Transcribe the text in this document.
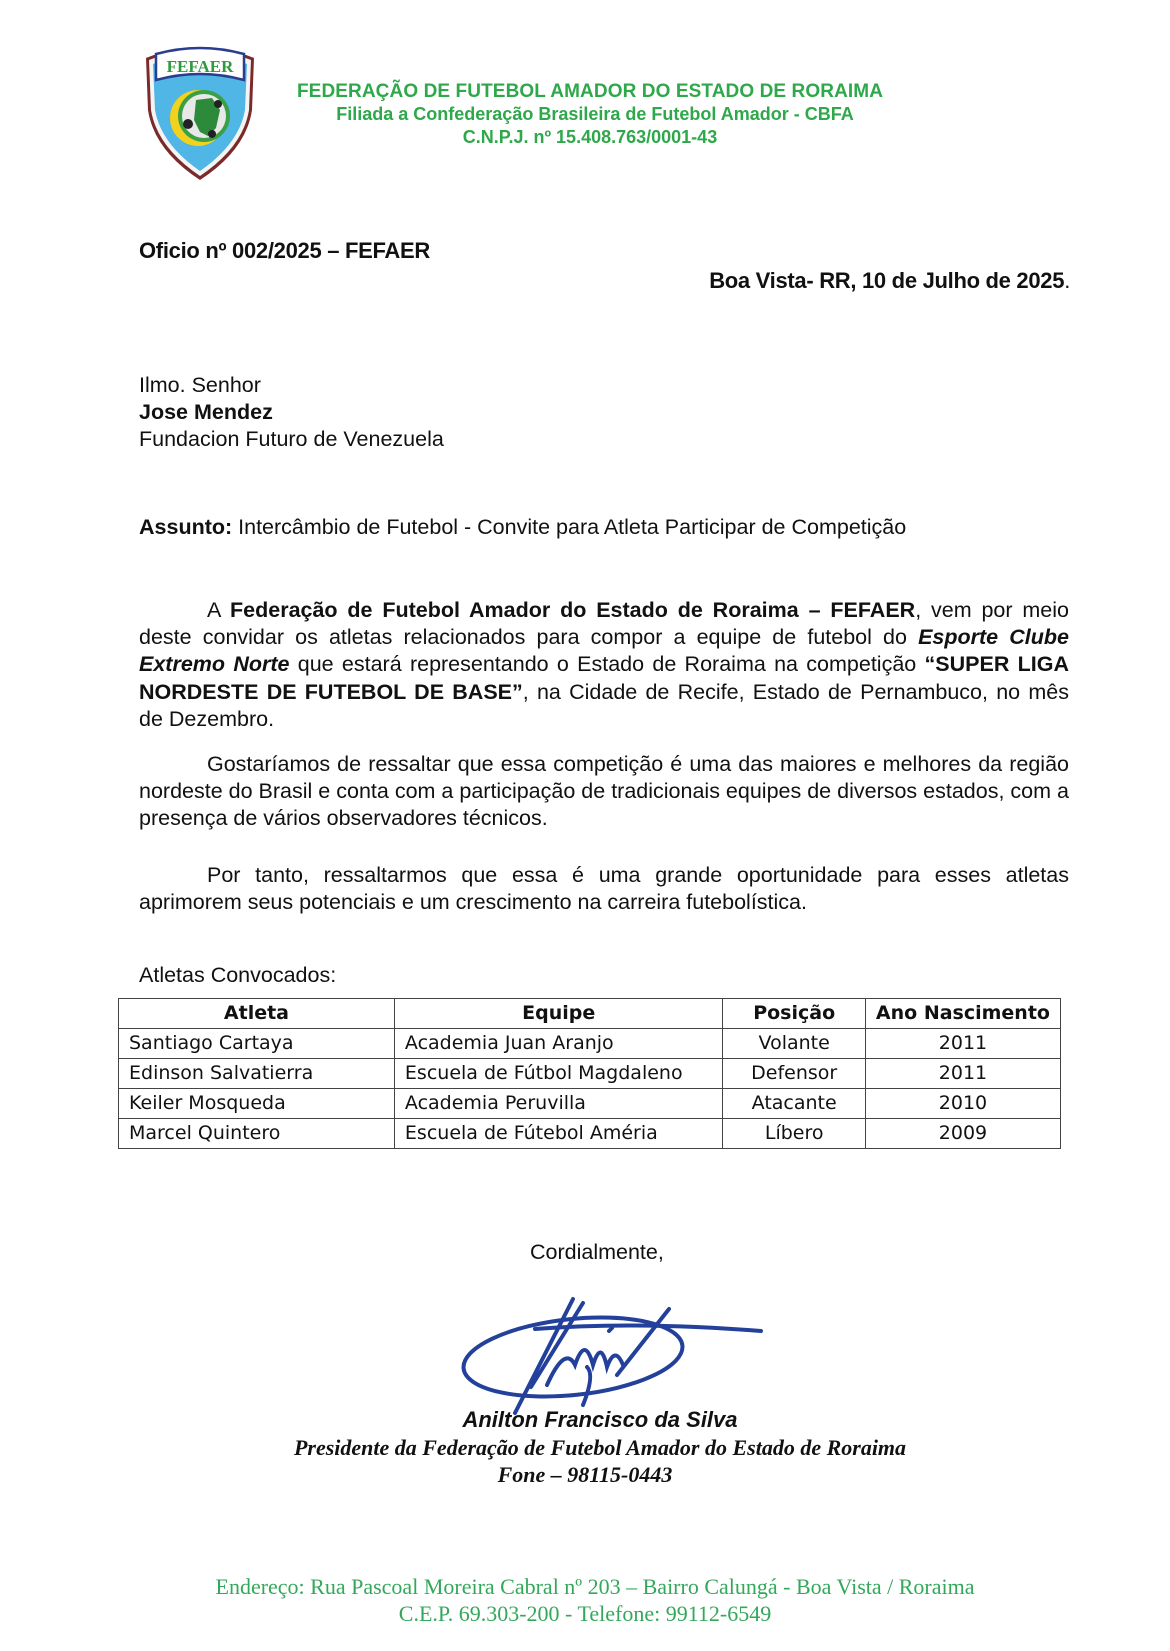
FEFAER
FEDERAÇÃO DE FUTEBOL AMADOR DO ESTADO DE RORAIMA
Filiada a Confederação Brasileira de Futebol Amador - CBFA
C.N.P.J. nº 15.408.763/0001-43
Oficio nº 002/2025 – FEFAER
Boa Vista- RR, 10 de Julho de 2025.
Ilmo. Senhor
Jose Mendez
Fundacion Futuro de Venezuela
Assunto: Intercâmbio de Futebol - Convite para Atleta Participar de Competição
A Federação de Futebol Amador do Estado de Roraima – FEFAER, vem por meio deste convidar os atletas relacionados para compor a equipe de futebol do Esporte Clube Extremo Norte que estará representando o Estado de Roraima na competição “SUPER LIGA NORDESTE DE FUTEBOL DE BASE”, na Cidade de Recife, Estado de Pernambuco, no mês de Dezembro.
Gostaríamos de ressaltar que essa competição é uma das maiores e melhores da região nordeste do Brasil e conta com a participação de tradicionais equipes de diversos estados, com a presença de vários observadores técnicos.
Por tanto, ressaltarmos que essa é uma grande oportunidade para esses atletas aprimorem seus potenciais e um crescimento na carreira futebolística.
Atletas Convocados:
Atleta	Equipe	Posição	Ano Nascimento
Santiago Cartaya	Academia Juan Aranjo	Volante	2011
Edinson Salvatierra	Escuela de Fútbol Magdaleno	Defensor	2011
Keiler Mosqueda	Academia Peruvilla	Atacante	2010
Marcel Quintero	Escuela de Fútebol Améria	Líbero	2009
Cordialmente,
Anilton Francisco da Silva
Presidente da Federação de Futebol Amador do Estado de Roraima
Fone – 98115-0443
Endereço: Rua Pascoal Moreira Cabral nº 203 – Bairro Calungá - Boa Vista / Roraima
C.E.P. 69.303-200 - Telefone: 99112-6549
